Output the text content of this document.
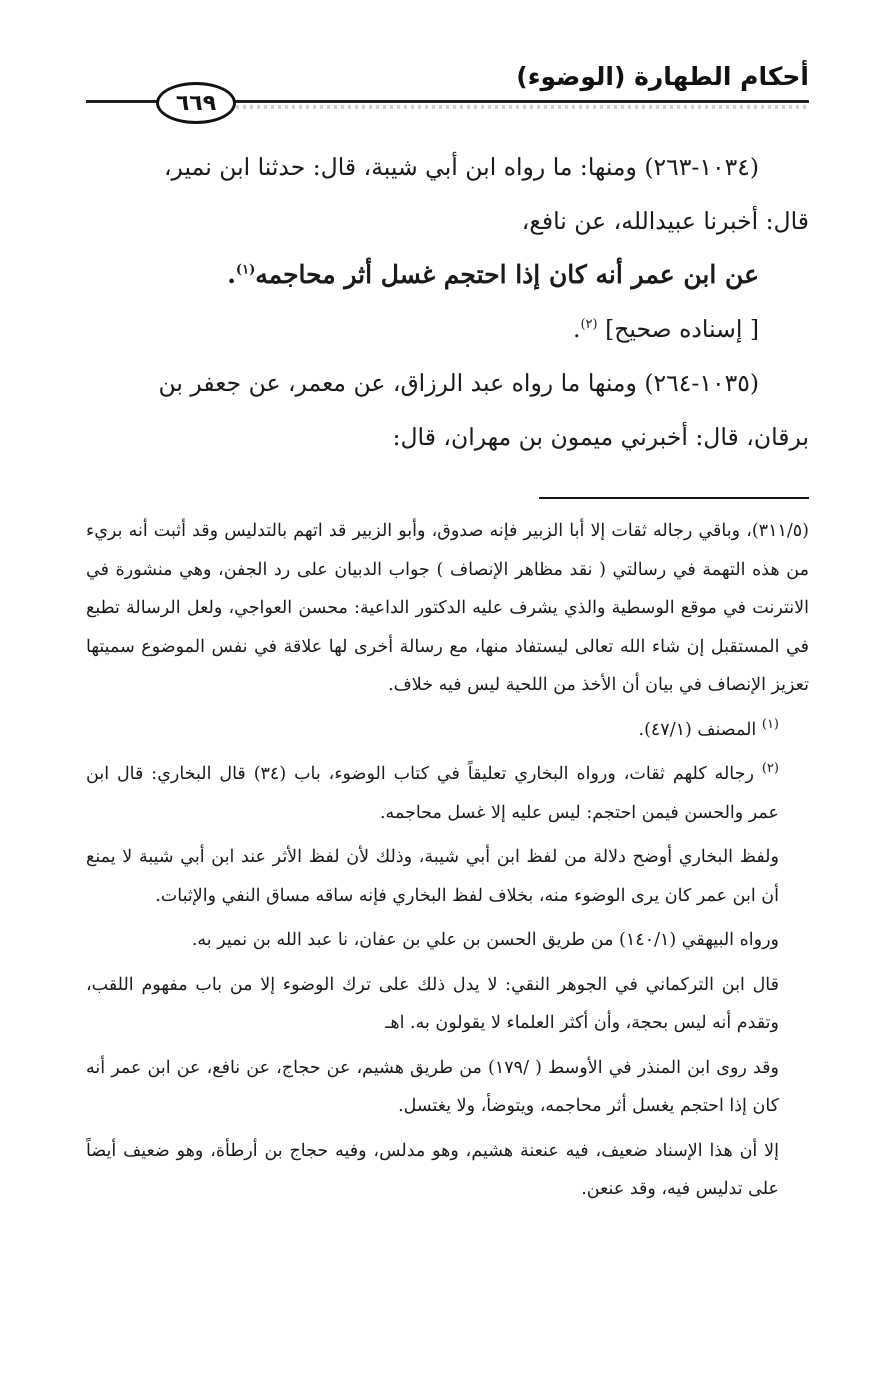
أحكام الطهارة (الوضوء)
٦٦٩

(١٠٣٤-٢٦٣) ومنها: ما رواه ابن أبي شيبة، قال: حدثنا ابن نمير،

قال: أخبرنا عبيدالله، عن نافع،

عن ابن عمر أنه كان إذا احتجم غسل أثر محاجمه$^{(١)}$.

[ إسناده صحيح] $^{(٢)}$.

(١٠٣٥-٢٦٤) ومنها ما رواه عبد الرزاق، عن معمر، عن جعفر بن

برقان، قال: أخبرني ميمون بن مهران، قال:

(٣١١/٥)، وباقي رجاله ثقات إلا أبا الزبير فإنه صدوق، وأبو الزبير قد اتهم بالتدليس وقد أثبت أنه بريء من هذه التهمة في رسالتي ( نقد مظاهر الإنصاف ) جواب الدبيان على رد الجفن، وهي منشورة في الانترنت في موقع الوسطية والذي يشرف عليه الدكتور الداعية: محسن العواجي، ولعل الرسالة تطبع في المستقبل إن شاء الله تعالى ليستفاد منها، مع رسالة أخرى لها علاقة في نفس الموضوع سميتها تعزيز الإنصاف في بيان أن الأخذ من اللحية ليس فيه خلاف.

$^{(١)}$ المصنف (٤٧/١).

$^{(٢)}$ رجاله كلهم ثقات، ورواه البخاري تعليقاً في كتاب الوضوء، باب (٣٤) قال البخاري: قال ابن عمر والحسن فيمن احتجم: ليس عليه إلا غسل محاجمه.

ولفظ البخاري أوضح دلالة من لفظ ابن أبي شيبة، وذلك لأن لفظ الأثر عند ابن أبي شيبة لا يمنع أن ابن عمر كان يرى الوضوء منه، بخلاف لفظ البخاري فإنه ساقه مساق النفي والإثبات.

ورواه البيهقي (١٤٠/١) من طريق الحسن بن علي بن عفان، نا عبد الله بن نمير به.

قال ابن التركماني في الجوهر النقي: لا يدل ذلك على ترك الوضوء إلا من باب مفهوم اللقب، وتقدم أنه ليس بحجة، وأن أكثر العلماء لا يقولون به. اهـ

وقد روى ابن المنذر في الأوسط ( /١٧٩) من طريق هشيم، عن حجاج، عن نافع، عن ابن عمر أنه كان إذا احتجم يغسل أثر محاجمه، ويتوضأ، ولا يغتسل.

إلا أن هذا الإسناد ضعيف، فيه عنعنة هشيم، وهو مدلس، وفيه حجاج بن أرطأة، وهو ضعيف أيضاً على تدليس فيه، وقد عنعن.
